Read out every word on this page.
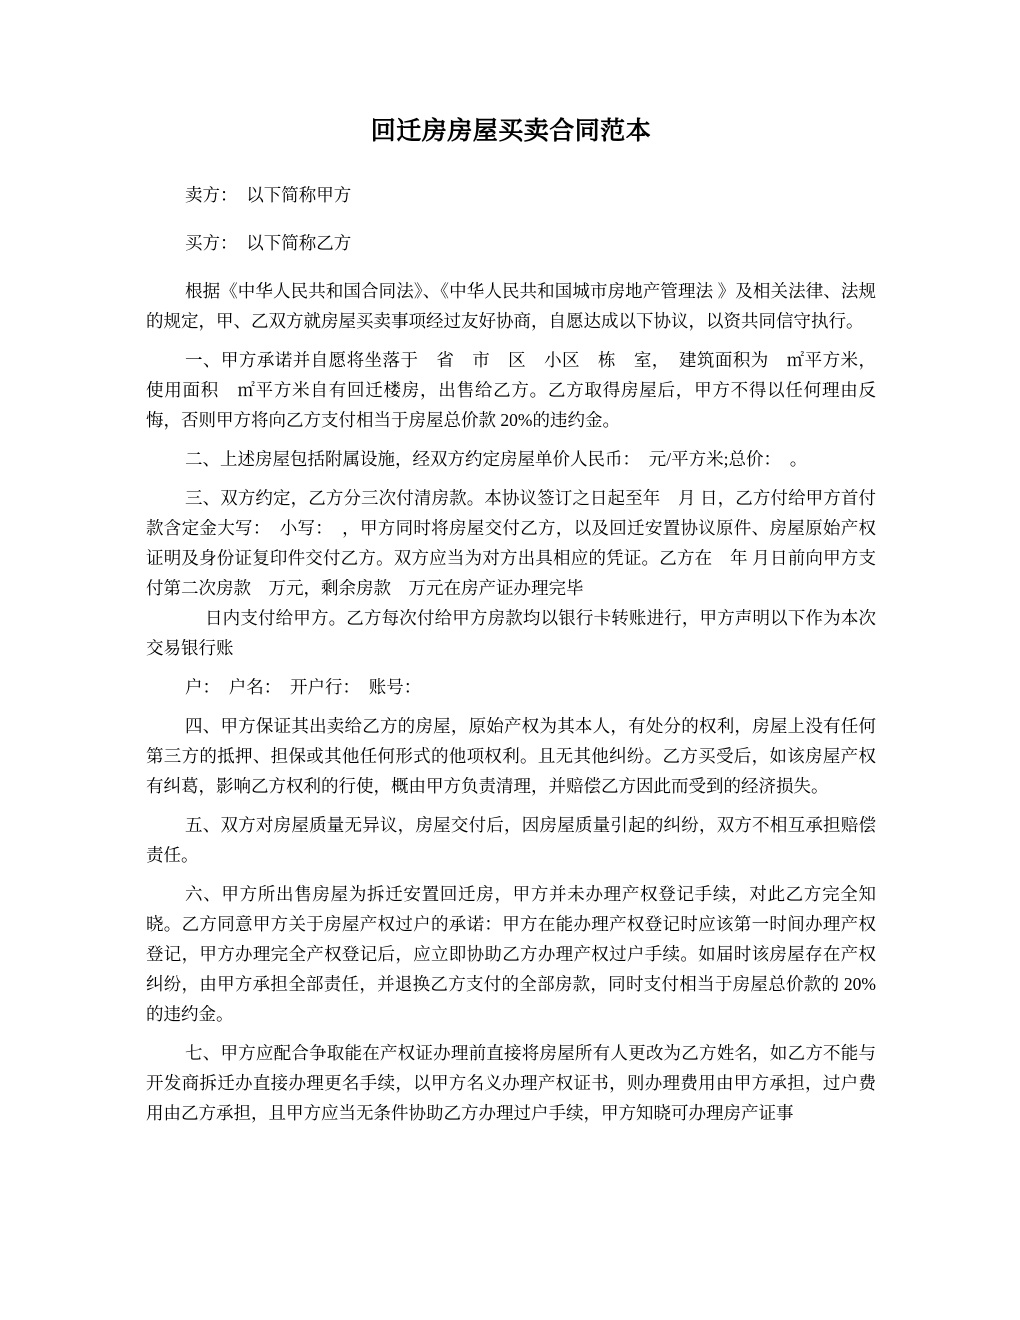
回迁房房屋买卖合同范本

卖方：　以下简称甲方

买方：　以下简称乙方

根据《中华人民共和国合同法》、《中华人民共和国城市房地产管理法 》及相关法律、法规的规定，甲、乙双方就房屋买卖事项经过友好协商，自愿达成以下协议，以资共同信守执行。

一、甲方承诺并自愿将坐落于　省　市　区　小区　栋　室，　建筑面积为　㎡平方米，使用面积　㎡平方米自有回迁楼房，出售给乙方。乙方取得房屋后，甲方不得以任何理由反悔，否则甲方将向乙方支付相当于房屋总价款 20%的违约金。

二、上述房屋包括附属设施，经双方约定房屋单价人民币：　元/平方米;总价：　。

三、双方约定，乙方分三次付清房款。本协议签订之日起至年　月 日，乙方付给甲方首付款含定金大写：　小写：　，甲方同时将房屋交付乙方，以及回迁安置协议原件、房屋原始产权证明及身份证复印件交付乙方。双方应当为对方出具相应的凭证。乙方在　年 月日前向甲方支付第二次房款　万元，剩余房款　万元在房产证办理完毕

日内支付给甲方。乙方每次付给甲方房款均以银行卡转账进行，甲方声明以下作为本次交易银行账

户：　户名：　开户行：　账号：

四、甲方保证其出卖给乙方的房屋，原始产权为其本人，有处分的权利，房屋上没有任何第三方的抵押、担保或其他任何形式的他项权利。且无其他纠纷。乙方买受后，如该房屋产权有纠葛，影响乙方权利的行使，概由甲方负责清理，并赔偿乙方因此而受到的经济损失。

五、双方对房屋质量无异议，房屋交付后，因房屋质量引起的纠纷，双方不相互承担赔偿责任。

六、甲方所出售房屋为拆迁安置回迁房，甲方并未办理产权登记手续，对此乙方完全知晓。乙方同意甲方关于房屋产权过户的承诺：甲方在能办理产权登记时应该第一时间办理产权登记，甲方办理完全产权登记后，应立即协助乙方办理产权过户手续。如届时该房屋存在产权纠纷，由甲方承担全部责任，并退换乙方支付的全部房款，同时支付相当于房屋总价款的 20%的违约金。

七、甲方应配合争取能在产权证办理前直接将房屋所有人更改为乙方姓名，如乙方不能与开发商拆迁办直接办理更名手续，以甲方名义办理产权证书，则办理费用由甲方承担，过户费用由乙方承担，且甲方应当无条件协助乙方办理过户手续，甲方知晓可办理房产证事
